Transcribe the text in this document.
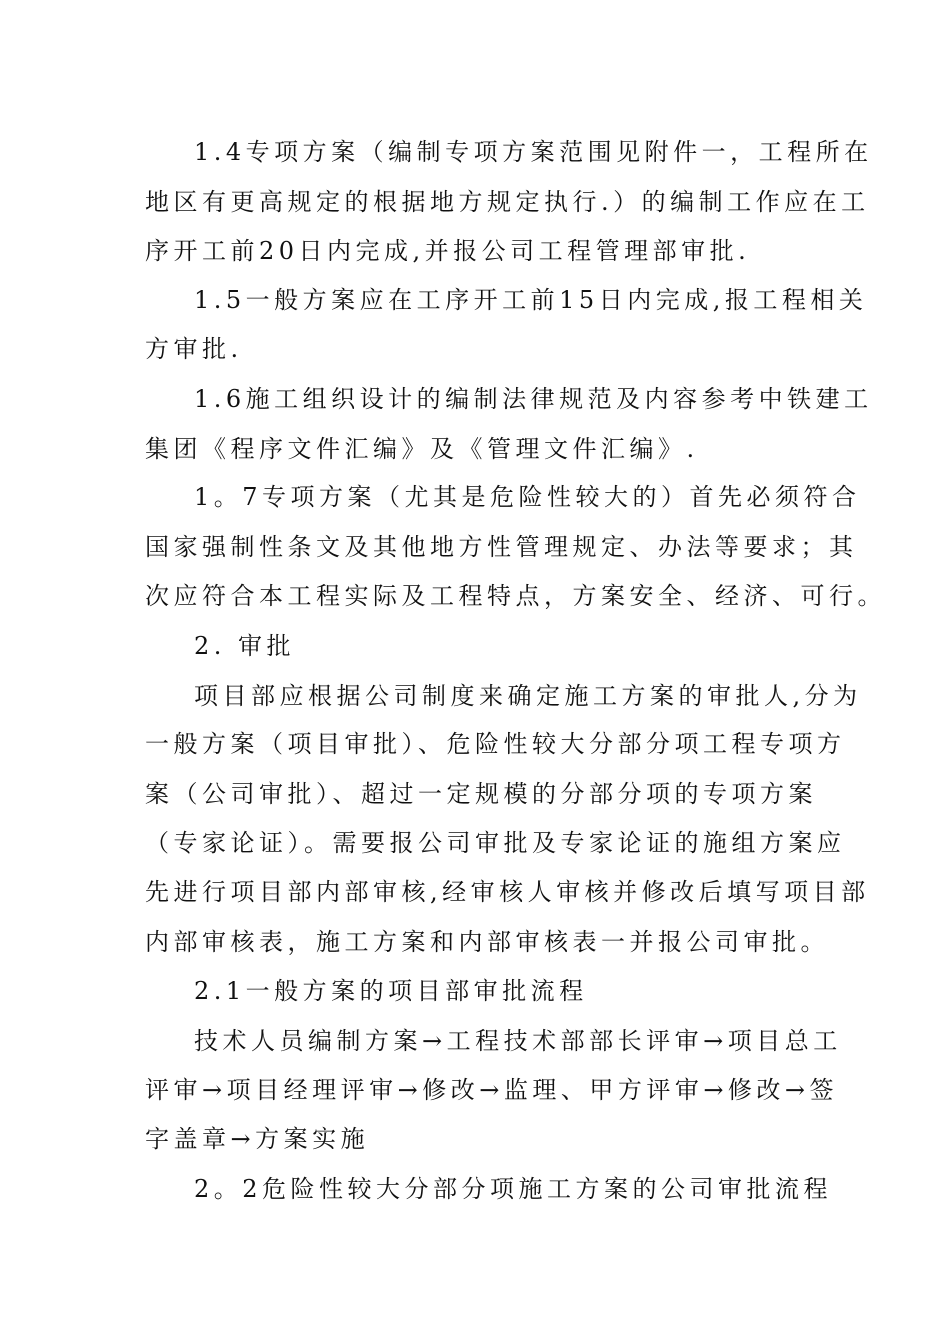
1.4专项方案（编制专项方案范围见附件一，工程所在
地区有更高规定的根据地方规定执行.）的编制工作应在工
序开工前20日内完成,并报公司工程管理部审批.
1.5一般方案应在工序开工前15日内完成,报工程相关
方审批.
1.6施工组织设计的编制法律规范及内容参考中铁建工
集团《程序文件汇编》及《管理文件汇编》.
1。7专项方案（尤其是危险性较大的）首先必须符合
国家强制性条文及其他地方性管理规定、办法等要求；其
次应符合本工程实际及工程特点，方案安全、经济、可行。
2. 审批
项目部应根据公司制度来确定施工方案的审批人,分为
一般方案（项目审批）、危险性较大分部分项工程专项方
案（公司审批）、超过一定规模的分部分项的专项方案
（专家论证）。需要报公司审批及专家论证的施组方案应
先进行项目部内部审核,经审核人审核并修改后填写项目部
内部审核表，施工方案和内部审核表一并报公司审批。
2.1一般方案的项目部审批流程
技术人员编制方案→工程技术部部长评审→项目总工
评审→项目经理评审→修改→监理、甲方评审→修改→签
字盖章→方案实施
2。2危险性较大分部分项施工方案的公司审批流程
